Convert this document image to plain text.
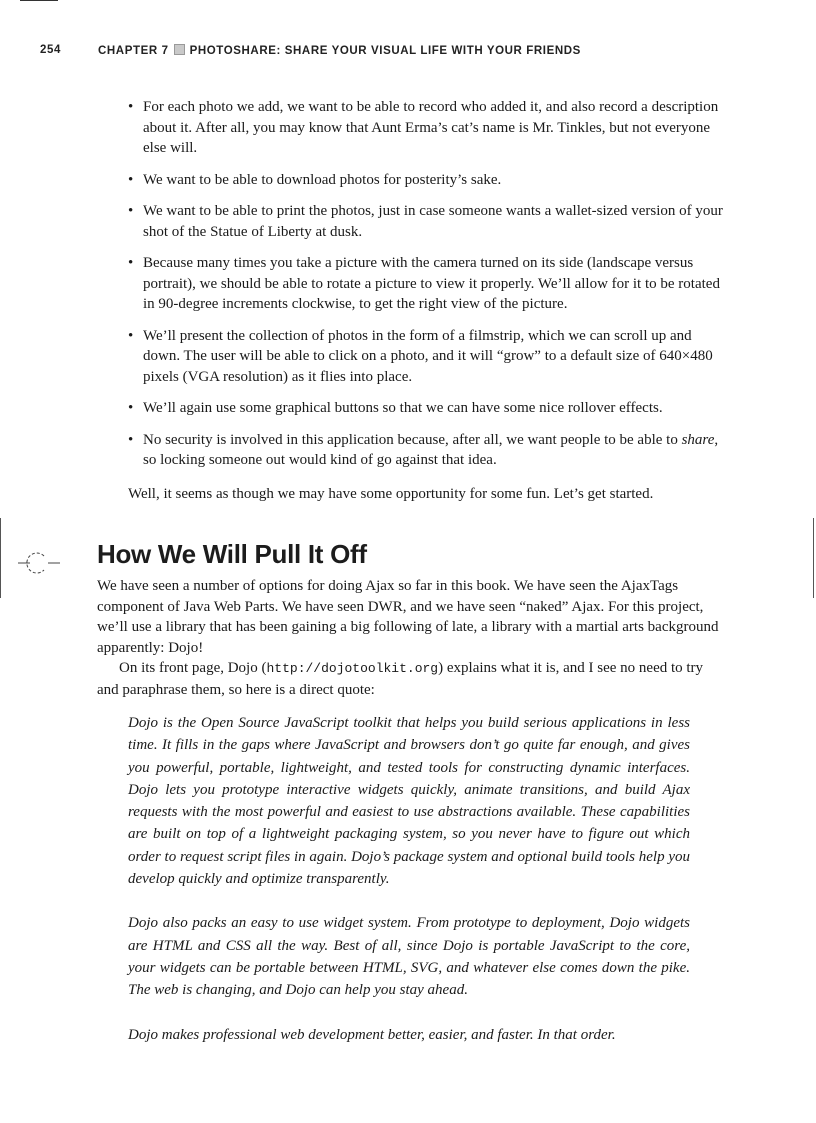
254	CHAPTER 7 PHOTOSHARE: SHARE YOUR VISUAL LIFE WITH YOUR FRIENDS
• For each photo we add, we want to be able to record who added it, and also record a description about it. After all, you may know that Aunt Erma’s cat’s name is Mr. Tinkles, but not everyone else will.
• We want to be able to download photos for posterity’s sake.
• We want to be able to print the photos, just in case someone wants a wallet-sized version of your shot of the Statue of Liberty at dusk.
• Because many times you take a picture with the camera turned on its side (landscape versus portrait), we should be able to rotate a picture to view it properly. We’ll allow for it to be rotated in 90-degree increments clockwise, to get the right view of the picture.
• We’ll present the collection of photos in the form of a filmstrip, which we can scroll up and down. The user will be able to click on a photo, and it will “grow” to a default size of 640×480 pixels (VGA resolution) as it flies into place.
• We’ll again use some graphical buttons so that we can have some nice rollover effects.
• No security is involved in this application because, after all, we want people to be able to share, so locking someone out would kind of go against that idea.

Well, it seems as though we may have some opportunity for some fun. Let’s get started.

How We Will Pull It Off

We have seen a number of options for doing Ajax so far in this book. We have seen the AjaxTags component of Java Web Parts. We have seen DWR, and we have seen “naked” Ajax. For this project, we’ll use a library that has been gaining a big following of late, a library with a martial arts background apparently: Dojo!

On its front page, Dojo (http://dojotoolkit.org) explains what it is, and I see no need to try and paraphrase them, so here is a direct quote:

Dojo is the Open Source JavaScript toolkit that helps you build serious applications in less time. It fills in the gaps where JavaScript and browsers don’t go quite far enough, and gives you powerful, portable, lightweight, and tested tools for constructing dynamic interfaces. Dojo lets you prototype interactive widgets quickly, animate transitions, and build Ajax requests with the most powerful and easiest to use abstractions available. These capabilities are built on top of a lightweight packaging system, so you never have to figure out which order to request script files in again. Dojo’s package system and optional build tools help you develop quickly and optimize transparently.

Dojo also packs an easy to use widget system. From prototype to deployment, Dojo widgets are HTML and CSS all the way. Best of all, since Dojo is portable JavaScript to the core, your widgets can be portable between HTML, SVG, and whatever else comes down the pike. The web is changing, and Dojo can help you stay ahead.

Dojo makes professional web development better, easier, and faster. In that order.
